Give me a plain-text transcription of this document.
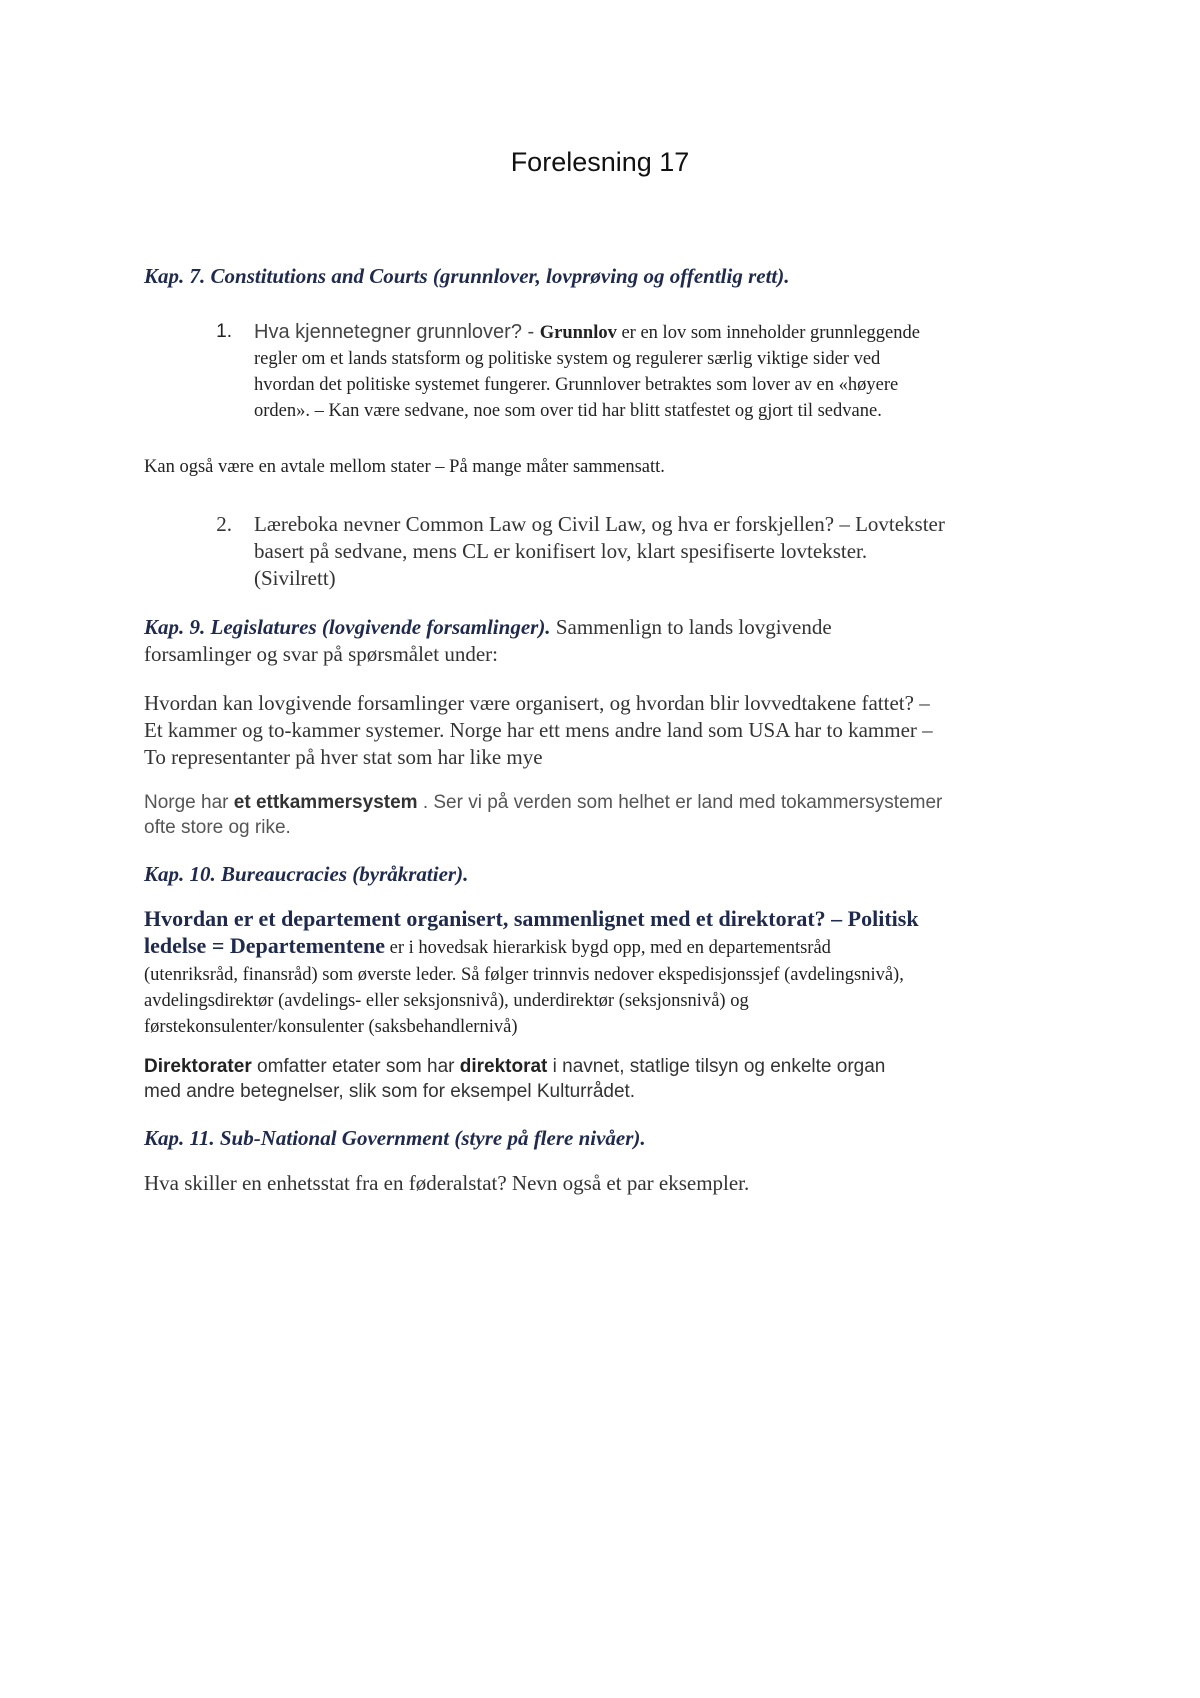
Forelesning 17
Kap. 7. Constitutions and Courts (grunnlover, lovprøving og offentlig rett).
1. Hva kjennetegner grunnlover? - Grunnlov er en lov som inneholder grunnleggende
regler om et lands statsform og politiske system og regulerer særlig viktige sider ved
hvordan det politiske systemet fungerer. Grunnlover betraktes som lover av en «høyere
orden». – Kan være sedvane, noe som over tid har blitt statfestet og gjort til sedvane.
Kan også være en avtale mellom stater – På mange måter sammensatt.
2. Læreboka nevner Common Law og Civil Law, og hva er forskjellen? – Lovtekster
basert på sedvane, mens CL er konifisert lov, klart spesifiserte lovtekster.
(Sivilrett)
Kap. 9. Legislatures (lovgivende forsamlinger). Sammenlign to lands lovgivende
forsamlinger og svar på spørsmålet under:
Hvordan kan lovgivende forsamlinger være organisert, og hvordan blir lovvedtakene fattet? –
Et kammer og to-kammer systemer. Norge har ett mens andre land som USA har to kammer –
To representanter på hver stat som har like mye
Norge har et ettkammersystem . Ser vi på verden som helhet er land med tokammersystemer
ofte store og rike.
Kap. 10. Bureaucracies (byråkratier).
Hvordan er et departement organisert, sammenlignet med et direktorat? – Politisk
ledelse = Departementene er i hovedsak hierarkisk bygd opp, med en departementsråd
(utenriksråd, finansråd) som øverste leder. Så følger trinnvis nedover ekspedisjonssjef (avdelingsnivå),
avdelingsdirektør (avdelings- eller seksjonsnivå), underdirektør (seksjonsnivå) og
førstekonsulenter/konsulenter (saksbehandlernivå)
Direktorater omfatter etater som har direktorat i navnet, statlige tilsyn og enkelte organ
med andre betegnelser, slik som for eksempel Kulturrådet.
Kap. 11. Sub-National Government (styre på flere nivåer).
Hva skiller en enhetsstat fra en føderalstat? Nevn også et par eksempler.
